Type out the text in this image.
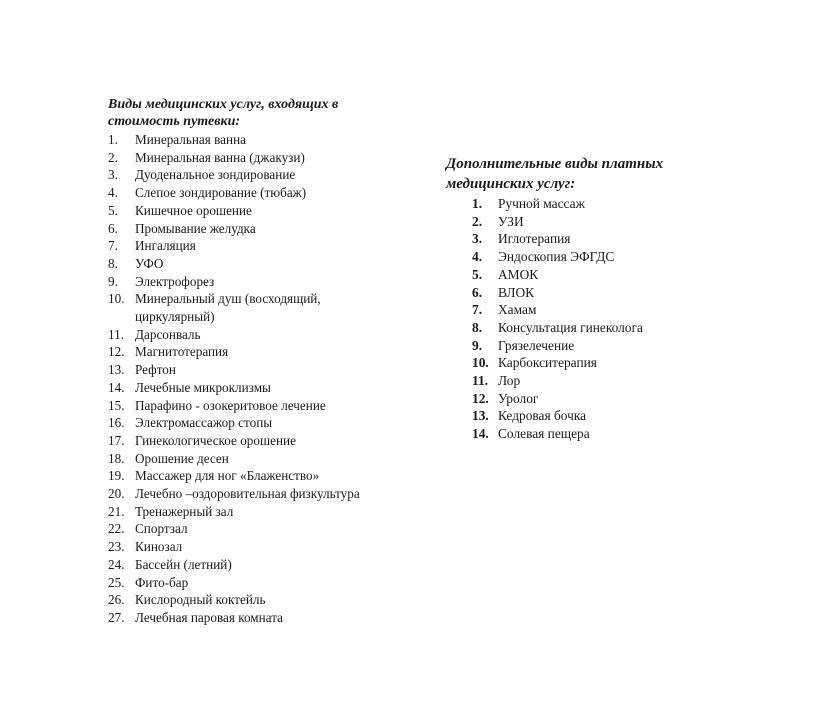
Виды медицинских услуг, входящих в
стоимость путевки:

1.	Минеральная ванна
2.	Минеральная ванна (джакузи)
3.	Дуоденальное зондирование
4.	Слепое зондирование (тюбаж)
5.	Кишечное орошение
6.	Промывание желудка
7.	Ингаляция
8.	УФО
9.	Электрофорез
10. Минеральный душ (восходящий,
циркулярный)
11. Дарсонваль
12. Магнитотерапия
13. Рефтон
14. Лечебные микроклизмы
15. Парафино - озокеритовое лечение
16. Электромассажор стопы
17. Гинекологическое орошение
18. Орошение десен
19. Массажер для ног «Блаженство»
20. Лечебно –оздоровительная физкультура
21. Тренажерный зал
22. Спортзал
23. Кинозал
24. Бассейн (летний)
25. Фито-бар
26. Кислородный коктейль
27. Лечебная паровая комната

Дополнительные виды платных
медицинских услуг:

1.	Ручной массаж
2.	УЗИ
3.	Иглотерапия
4.	Эндоскопия ЭФГДС
5.	АМОК
6.	ВЛОК
7.	Хамам
8.	Консультация гинеколога
9.	Грязелечение
10. Карбокситерапия
11. Лор
12. Уролог
13. Кедровая бочка
14. Солевая пещера
